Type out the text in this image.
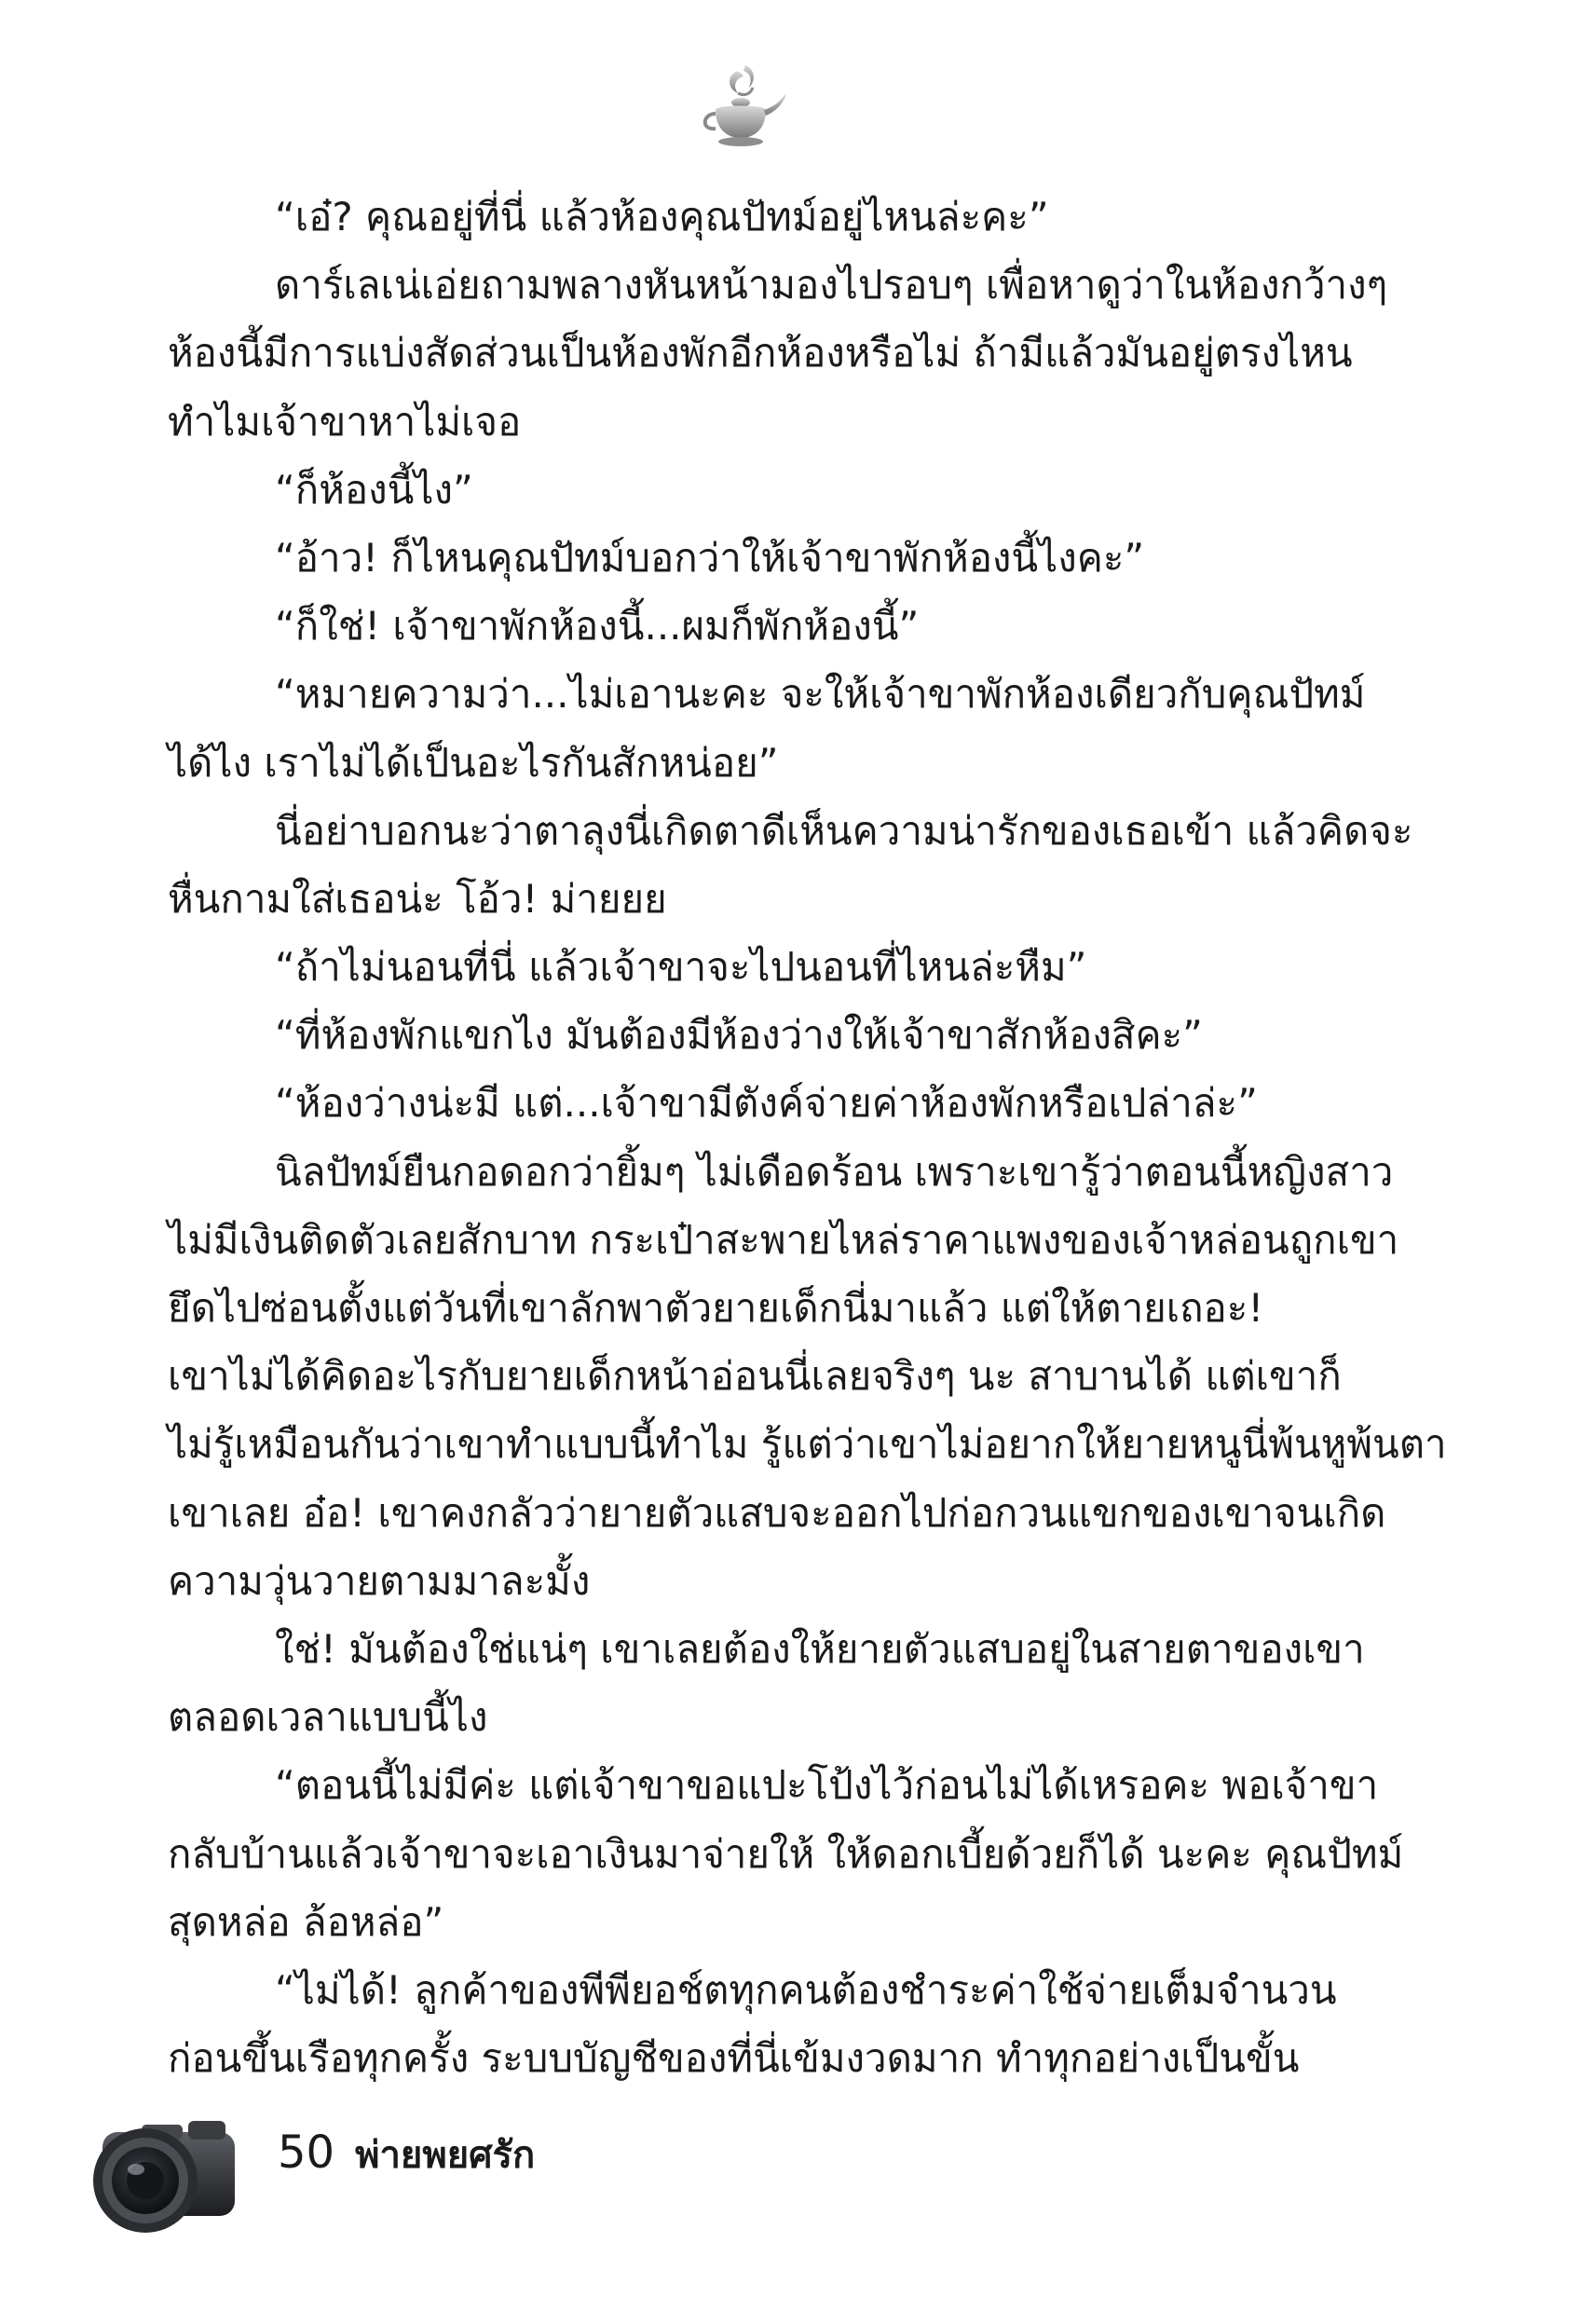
“เอ๋? คุณอยู่ที่นี่ แล้วห้องคุณปัทม์อยู่ไหนล่ะคะ”
ดาร์เลเน่เอ่ยถามพลางหันหน้ามองไปรอบๆ เพื่อหาดูว่าในห้องกว้างๆ
ห้องนี้มีการแบ่งสัดส่วนเป็นห้องพักอีกห้องหรือไม่ ถ้ามีแล้วมันอยู่ตรงไหน
ทำไมเจ้าขาหาไม่เจอ
“ก็ห้องนี้ไง”
“อ้าว! ก็ไหนคุณปัทม์บอกว่าให้เจ้าขาพักห้องนี้ไงคะ”
“ก็ใช่! เจ้าขาพักห้องนี้...ผมก็พักห้องนี้”
“หมายความว่า...ไม่เอานะคะ จะให้เจ้าขาพักห้องเดียวกับคุณปัทม์
ได้ไง เราไม่ได้เป็นอะไรกันสักหน่อย”
นี่อย่าบอกนะว่าตาลุงนี่เกิดตาดีเห็นความน่ารักของเธอเข้า แล้วคิดจะ
หื่นกามใส่เธอน่ะ โอ้ว! ม่ายยย
“ถ้าไม่นอนที่นี่ แล้วเจ้าขาจะไปนอนที่ไหนล่ะหืม”
“ที่ห้องพักแขกไง มันต้องมีห้องว่างให้เจ้าขาสักห้องสิคะ”
“ห้องว่างน่ะมี แต่...เจ้าขามีตังค์จ่ายค่าห้องพักหรือเปล่าล่ะ”
นิลปัทม์ยืนกอดอกว่ายิ้มๆ ไม่เดือดร้อน เพราะเขารู้ว่าตอนนี้หญิงสาว
ไม่มีเงินติดตัวเลยสักบาท กระเป๋าสะพายไหล่ราคาแพงของเจ้าหล่อนถูกเขา
ยึดไปซ่อนตั้งแต่วันที่เขาลักพาตัวยายเด็กนี่มาแล้ว แต่ให้ตายเถอะ!
เขาไม่ได้คิดอะไรกับยายเด็กหน้าอ่อนนี่เลยจริงๆ นะ สาบานได้ แต่เขาก็
ไม่รู้เหมือนกันว่าเขาทำแบบนี้ทำไม รู้แต่ว่าเขาไม่อยากให้ยายหนูนี่พ้นหูพ้นตา
เขาเลย อ๋อ! เขาคงกลัวว่ายายตัวแสบจะออกไปก่อกวนแขกของเขาจนเกิด
ความวุ่นวายตามมาละมั้ง
ใช่! มันต้องใช่แน่ๆ เขาเลยต้องให้ยายตัวแสบอยู่ในสายตาของเขา
ตลอดเวลาแบบนี้ไง
“ตอนนี้ไม่มีค่ะ แต่เจ้าขาขอแปะโป้งไว้ก่อนไม่ได้เหรอคะ พอเจ้าขา
กลับบ้านแล้วเจ้าขาจะเอาเงินมาจ่ายให้ ให้ดอกเบี้ยด้วยก็ได้ นะคะ คุณปัทม์
สุดหล่อ ล้อหล่อ”
“ไม่ได้! ลูกค้าของพีพียอช์ตทุกคนต้องชำระค่าใช้จ่ายเต็มจำนวน
ก่อนขึ้นเรือทุกครั้ง ระบบบัญชีของที่นี่เข้มงวดมาก ทำทุกอย่างเป็นขั้น
50 พ่ายพยศรัก
